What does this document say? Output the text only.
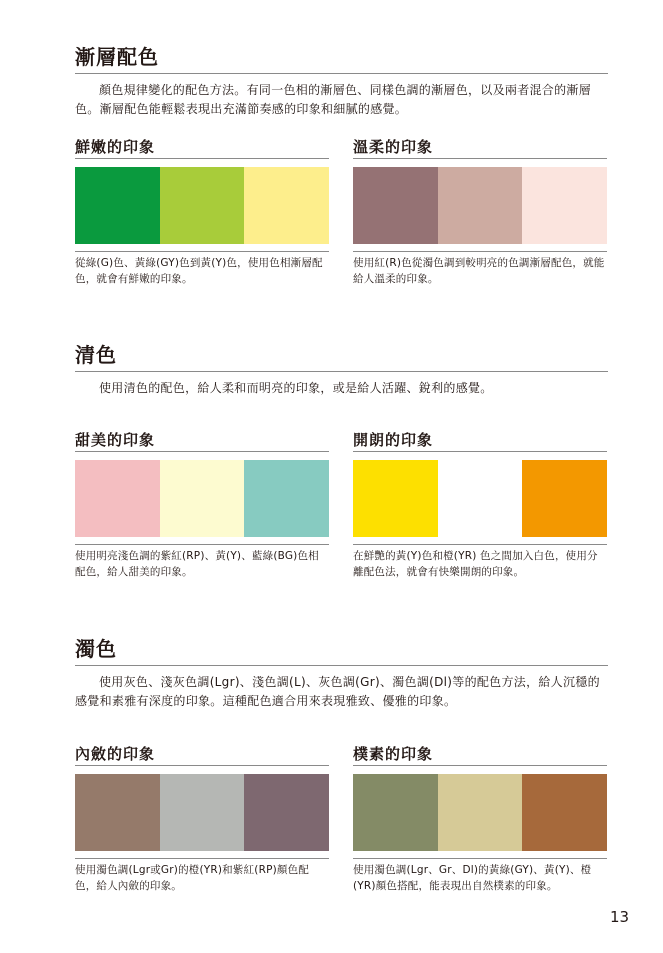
漸層配色
顏色規律變化的配色方法。有同一色相的漸層色、同樣色調的漸層色，以及兩者混合的漸層色。漸層配色能輕鬆表現出充滿節奏感的印象和細膩的感覺。
鮮嫩的印象
從綠(G)色、黃綠(GY)色到黃(Y)色，使用色相漸層配色，就會有鮮嫩的印象。
溫柔的印象
使用紅(R)色從濁色調到較明亮的色調漸層配色，就能給人溫柔的印象。
清色
使用清色的配色，給人柔和而明亮的印象，或是給人活躍、銳利的感覺。
甜美的印象
使用明亮淺色調的紫紅(RP)、黃(Y)、藍綠(BG)色相配色，給人甜美的印象。
開朗的印象
在鮮艷的黃(Y)色和橙(YR) 色之間加入白色，使用分離配色法，就會有快樂開朗的印象。
濁色
使用灰色、淺灰色調(Lgr)、淺色調(L)、灰色調(Gr)、濁色調(Dl)等的配色方法，給人沉穩的感覺和素雅有深度的印象。這種配色適合用來表現雅致、優雅的印象。
內斂的印象
使用濁色調(Lgr或Gr)的橙(YR)和紫紅(RP)顏色配色，給人內斂的印象。
樸素的印象
使用濁色調(Lgr、Gr、Dl)的黃綠(GY)、黃(Y)、橙(YR)顏色搭配，能表現出自然樸素的印象。
13
